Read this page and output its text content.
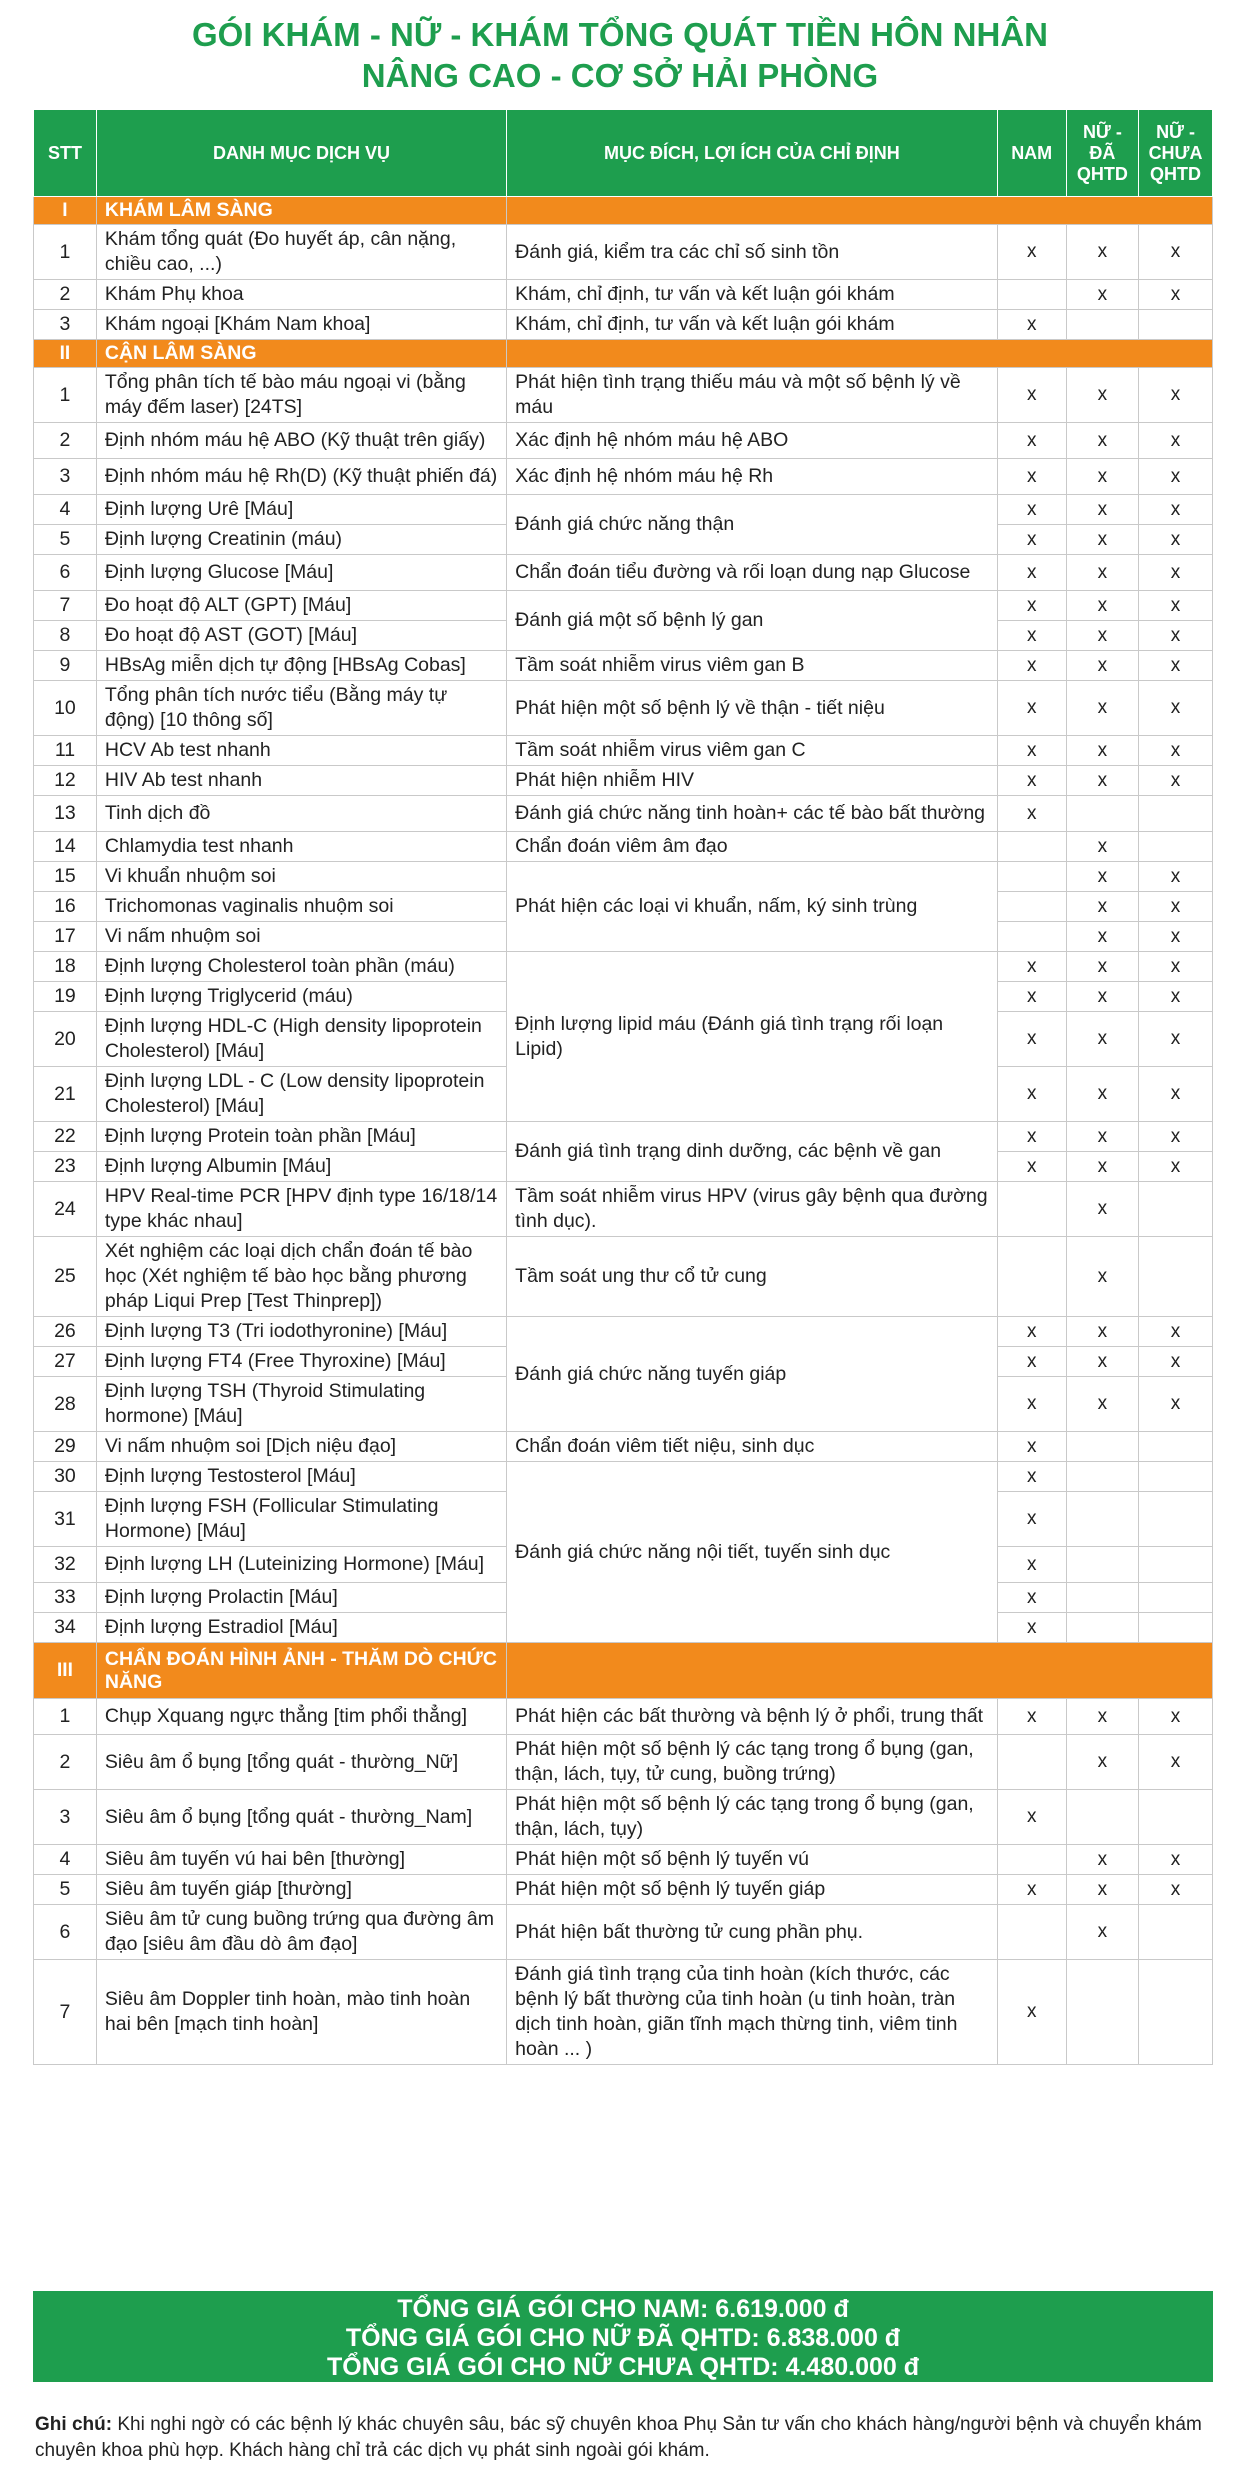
GÓI KHÁM - NỮ - KHÁM TỔNG QUÁT TIỀN HÔN NHÂN
NÂNG CAO - CƠ SỞ HẢI PHÒNG
STT	DANH MỤC DỊCH VỤ	MỤC ĐÍCH, LỢI ÍCH CỦA CHỈ ĐỊNH	NAM	NỮ - ĐÃ QHTD	NỮ - CHƯA QHTD
I	KHÁM LÂM SÀNG				
1	Khám tổng quát (Đo huyết áp, cân nặng, chiều cao, ...)	Đánh giá, kiểm tra các chỉ số sinh tồn	x	x	x
2	Khám Phụ khoa	Khám, chỉ định, tư vấn và kết luận gói khám		x	x
3	Khám ngoại [Khám Nam khoa]	Khám, chỉ định, tư vấn và kết luận gói khám	x		
II	CẬN LÂM SÀNG				
1	Tổng phân tích tế bào máu ngoại vi (bằng máy đếm laser) [24TS]	Phát hiện tình trạng thiếu máu và một số bệnh lý về máu	x	x	x
2	Định nhóm máu hệ ABO (Kỹ thuật trên giấy)	Xác định hệ nhóm máu hệ ABO	x	x	x
3	Định nhóm máu hệ Rh(D) (Kỹ thuật phiến đá)	Xác định hệ nhóm máu hệ Rh	x	x	x
4	Định lượng Urê [Máu]	Đánh giá chức năng thận	x	x	x
5	Định lượng Creatinin (máu)		x	x	x
6	Định lượng Glucose [Máu]	Chẩn đoán tiểu đường và rối loạn dung nạp Glucose	x	x	x
7	Đo hoạt độ ALT (GPT) [Máu]	Đánh giá một số bệnh lý gan	x	x	x
8	Đo hoạt độ AST (GOT) [Máu]		x	x	x
9	HBsAg miễn dịch tự động [HBsAg Cobas]	Tầm soát nhiễm virus viêm gan B	x	x	x
10	Tổng phân tích nước tiểu (Bằng máy tự động) [10 thông số]	Phát hiện một số bệnh lý về thận - tiết niệu	x	x	x
11	HCV Ab test nhanh	Tầm soát nhiễm virus viêm gan C	x	x	x
12	HIV Ab test nhanh	Phát hiện nhiễm HIV	x	x	x
13	Tinh dịch đồ	Đánh giá chức năng tinh hoàn+ các tế bào bất thường	x		
14	Chlamydia test nhanh	Chẩn đoán viêm âm đạo		x	
15	Vi khuẩn nhuộm soi	Phát hiện các loại vi khuẩn, nấm, ký sinh trùng		x	x
16	Trichomonas vaginalis nhuộm soi			x	x
17	Vi nấm nhuộm soi			x	x
18	Định lượng Cholesterol toàn phần (máu)	Định lượng lipid máu (Đánh giá tình trạng rối loạn Lipid)	x	x	x
19	Định lượng Triglycerid (máu)		x	x	x
20	Định lượng HDL-C (High density lipoprotein Cholesterol) [Máu]		x	x	x
21	Định lượng LDL - C (Low density lipoprotein Cholesterol) [Máu]		x	x	x
22	Định lượng Protein toàn phần [Máu]	Đánh giá tình trạng dinh dưỡng, các bệnh về gan	x	x	x
23	Định lượng Albumin [Máu]		x	x	x
24	HPV Real-time PCR [HPV định type 16/18/14 type khác nhau]	Tầm soát nhiễm virus HPV (virus gây bệnh qua đường tình dục).		x	
25	Xét nghiệm các loại dịch chẩn đoán tế bào học (Xét nghiệm tế bào học bằng phương pháp Liqui Prep [Test Thinprep])	Tầm soát ung thư cổ tử cung		x	
26	Định lượng T3 (Tri iodothyronine) [Máu]	Đánh giá chức năng tuyến giáp	x	x	x
27	Định lượng FT4 (Free Thyroxine) [Máu]		x	x	x
28	Định lượng TSH (Thyroid Stimulating hormone) [Máu]		x	x	x
29	Vi nấm nhuộm soi [Dịch niệu đạo]	Chẩn đoán viêm tiết niệu, sinh dục	x		
30	Định lượng Testosterol [Máu]	Đánh giá chức năng nội tiết, tuyến sinh dục	x		
31	Định lượng FSH (Follicular Stimulating Hormone) [Máu]		x		
32	Định lượng LH (Luteinizing Hormone) [Máu]		x		
33	Định lượng Prolactin [Máu]		x		
34	Định lượng Estradiol [Máu]		x		
III	CHẨN ĐOÁN HÌNH ẢNH - THĂM DÒ CHỨC NĂNG				
1	Chụp Xquang ngực thẳng [tim phổi thẳng]	Phát hiện các bất thường và bệnh lý ở phổi, trung thất	x	x	x
2	Siêu âm ổ bụng [tổng quát - thường_Nữ]	Phát hiện một số bệnh lý các tạng trong ổ bụng (gan, thận, lách, tụy, tử cung, buồng trứng)		x	x
3	Siêu âm ổ bụng [tổng quát - thường_Nam]	Phát hiện một số bệnh lý các tạng trong ổ bụng (gan, thận, lách, tụy)	x		
4	Siêu âm tuyến vú hai bên [thường]	Phát hiện một số bệnh lý tuyến vú		x	x
5	Siêu âm tuyến giáp [thường]	Phát hiện một số bệnh lý tuyến giáp	x	x	x
6	Siêu âm tử cung buồng trứng qua đường âm đạo [siêu âm đầu dò âm đạo]	Phát hiện bất thường tử cung phần phụ.		x	
7	Siêu âm Doppler tinh hoàn, mào tinh hoàn hai bên [mạch tinh hoàn]	Đánh giá tình trạng của tinh hoàn (kích thước, các bệnh lý bất thường của tinh hoàn (u tinh hoàn, tràn dịch tinh hoàn, giãn tĩnh mạch thừng tinh, viêm tinh hoàn ... )	x		
TỔNG GIÁ GÓI CHO NAM: 6.619.000 đ
TỔNG GIÁ GÓI CHO NỮ ĐÃ QHTD: 6.838.000 đ
TỔNG GIÁ GÓI CHO NỮ CHƯA QHTD: 4.480.000 đ
Ghi chú: Khi nghi ngờ có các bệnh lý khác chuyên sâu, bác sỹ chuyên khoa Phụ Sản tư vấn cho khách hàng/người bệnh và chuyển khám chuyên khoa phù hợp. Khách hàng chỉ trả các dịch vụ phát sinh ngoài gói khám.
